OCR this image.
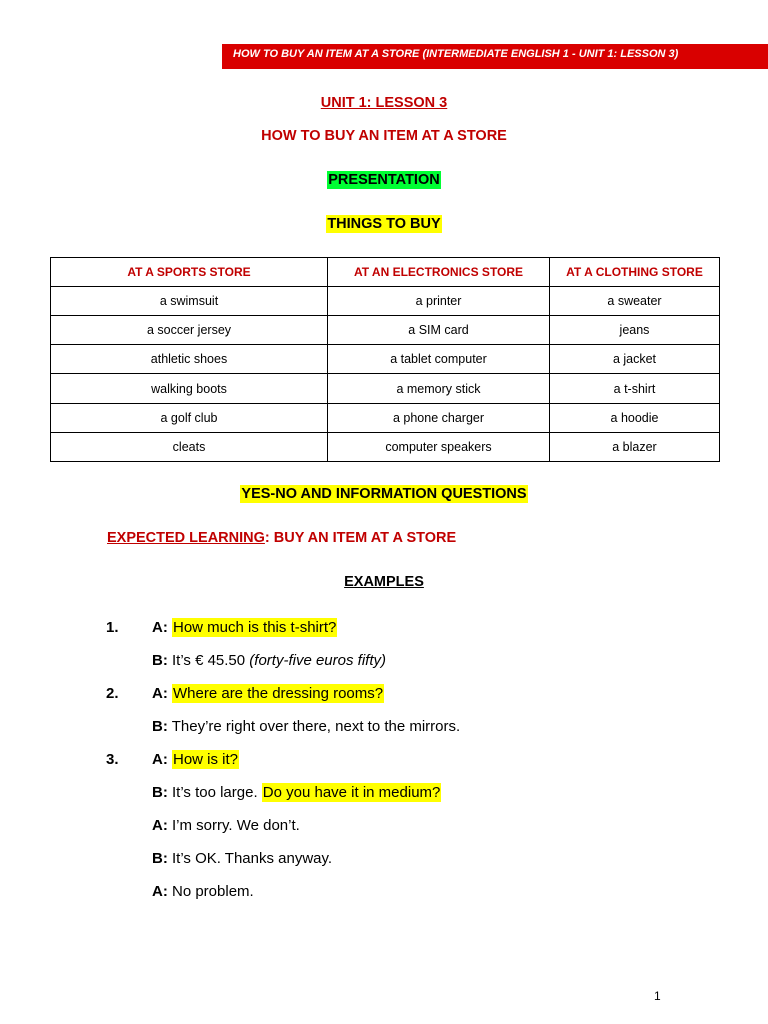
HOW TO BUY AN ITEM AT A STORE (INTERMEDIATE ENGLISH 1 - UNIT 1: LESSON 3)
UNIT 1: LESSON 3
HOW TO BUY AN ITEM AT A STORE
PRESENTATION
THINGS TO BUY
AT A SPORTS STORE	AT AN ELECTRONICS STORE	AT A CLOTHING STORE
a swimsuit	a printer	a sweater
a soccer jersey	a SIM card	jeans
athletic shoes	a tablet computer	a jacket
walking boots	a memory stick	a t-shirt
a golf club	a phone charger	a hoodie
cleats	computer speakers	a blazer
YES-NO AND INFORMATION QUESTIONS
EXPECTED LEARNING: BUY AN ITEM AT A STORE
EXAMPLES
1. A: How much is this t-shirt?
B: It’s € 45.50 (forty-five euros fifty)
2. A: Where are the dressing rooms?
B: They’re right over there, next to the mirrors.
3. A: How is it?
B: It’s too large. Do you have it in medium?
A: I’m sorry. We don’t.
B: It’s OK. Thanks anyway.
A: No problem.
1
